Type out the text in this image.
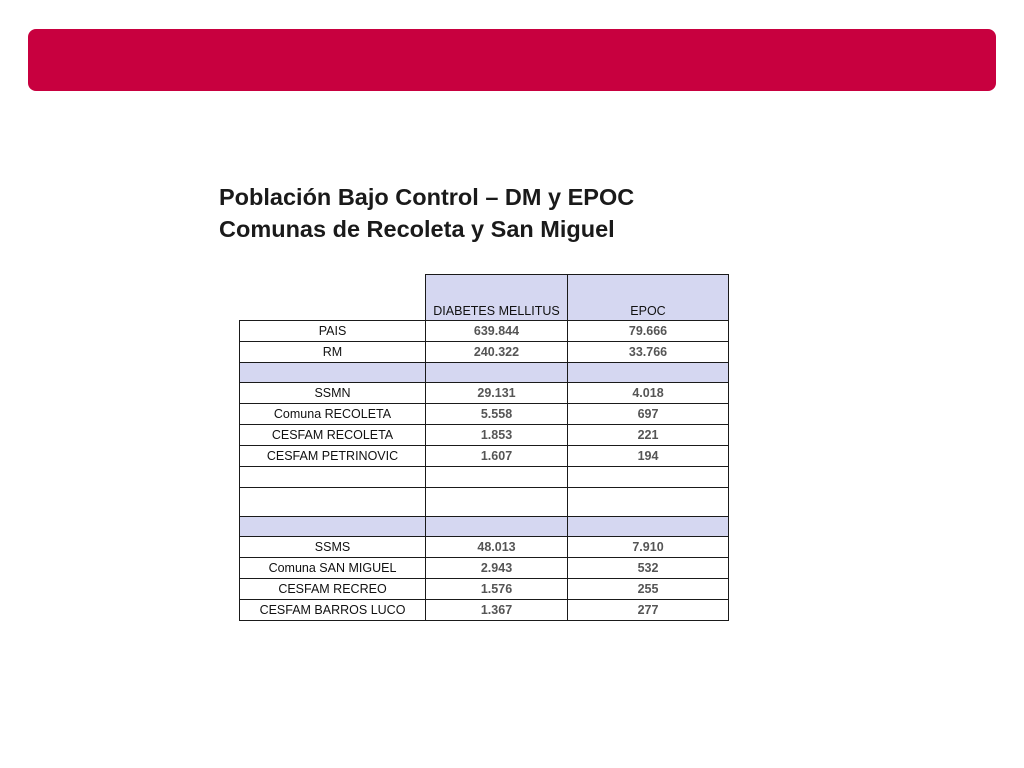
Población Bajo Control – DM y EPOC
Comunas de Recoleta y San Miguel
	DIABETES MELLITUS	EPOC
PAIS	639.844	79.666
RM	240.322	33.766

SSMN	29.131	4.018
Comuna RECOLETA	5.558	697
CESFAM RECOLETA	1.853	221
CESFAM PETRINOVIC	1.607	194

SSMS	48.013	7.910
Comuna SAN MIGUEL	2.943	532
CESFAM RECREO	1.576	255
CESFAM BARROS LUCO	1.367	277
